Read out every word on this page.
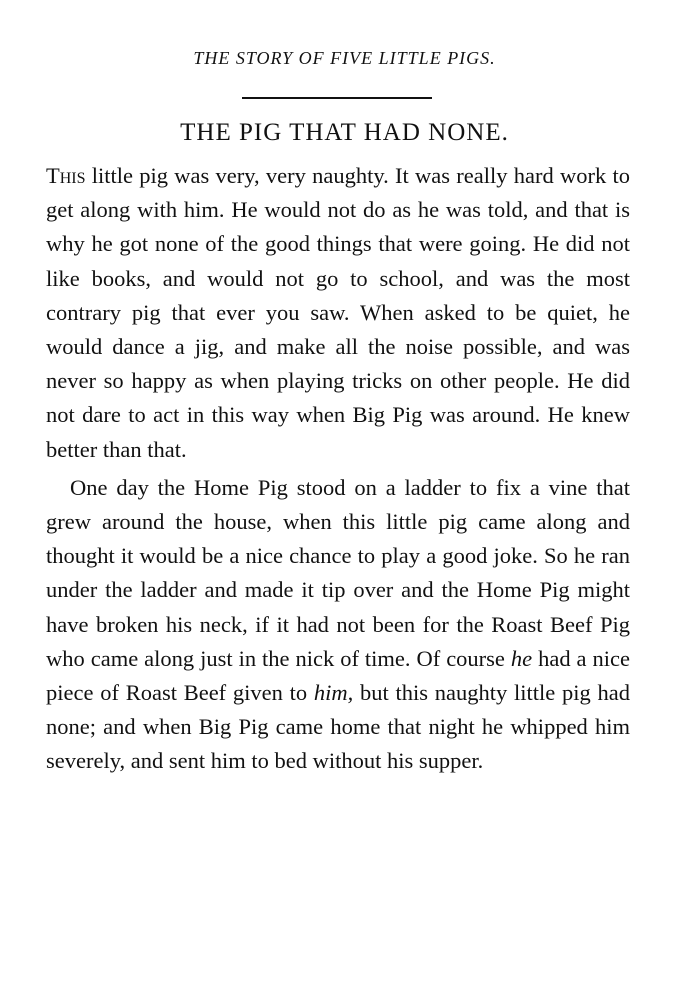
THE STORY OF FIVE LITTLE PIGS.
THE PIG THAT HAD NONE.

This little pig was very, very naughty. It was really hard work to get along with him. He would not do as he was told, and that is why he got none of the good things that were going. He did not like books, and would not go to school, and was the most contrary pig that ever you saw. When asked to be quiet, he would dance a jig, and make all the noise possible, and was never so happy as when playing tricks on other people. He did not dare to act in this way when Big Pig was around. He knew better than that.

One day the Home Pig stood on a ladder to fix a vine that grew around the house, when this little pig came along and thought it would be a nice chance to play a good joke. So he ran under the ladder and made it tip over and the Home Pig might have broken his neck, if it had not been for the Roast Beef Pig who came along just in the nick of time. Of course he had a nice piece of Roast Beef given to him, but this naughty little pig had none; and when Big Pig came home that night he whipped him severely, and sent him to bed without his supper.
